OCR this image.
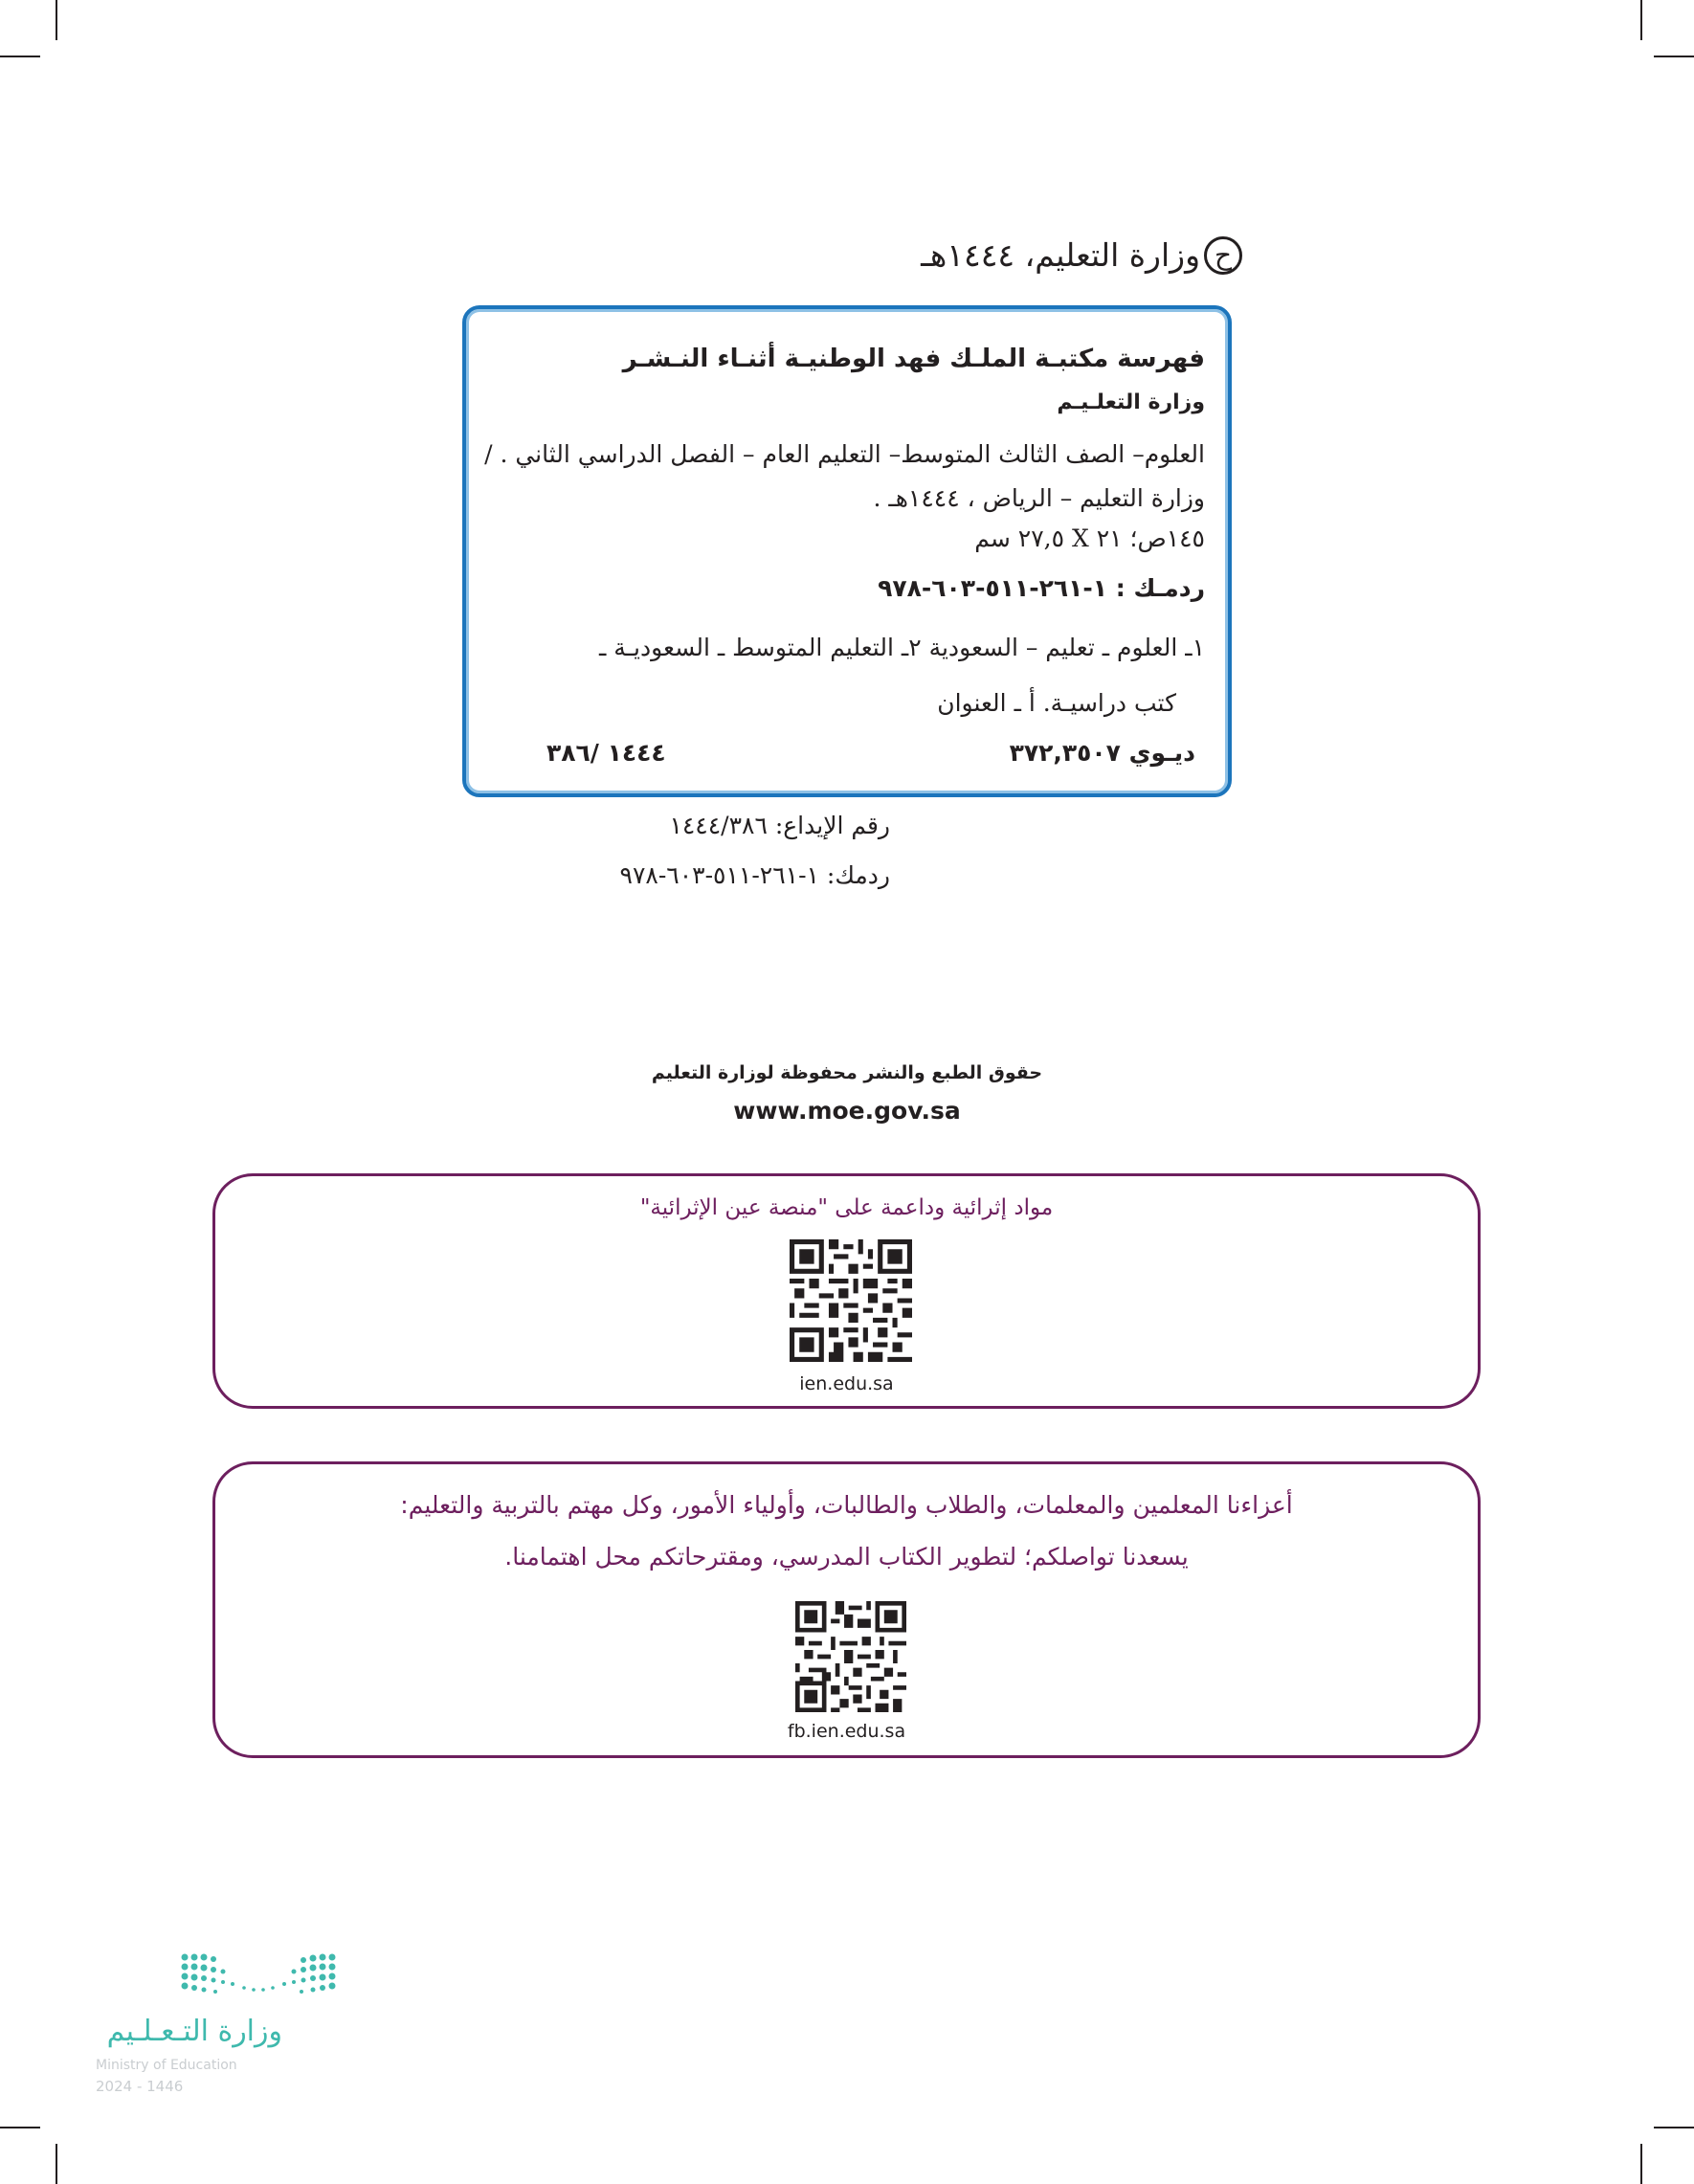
ح
وزارة التعليم، ١٤٤٤هـ
فهرسة مكتبـة الملـك فهد الوطنيـة أثنـاء النـشـر
وزارة التعلـيـم
العلوم– الصف الثالث المتوسط– التعليم العام – الفصل الدراسي الثاني . /
وزارة التعليم – الرياض ، ١٤٤٤هـ .
١٤٥ص؛ ٢١ X ٢٧,٥ سم
ردمـك : ١-٢٦١-٥١١-٦٠٣-٩٧٨
١ـ العلوم ـ تعليم – السعودية ٢ـ التعليم المتوسط ـ السعوديـة ـ
كتب دراسيـة. أ ـ العنوان
ديـوي ٣٧٢,٣٥٠٧
١٤٤٤ /٣٨٦
رقم الإيداع: ١٤٤٤/٣٨٦
ردمك: ١-٢٦١-٥١١-٦٠٣-٩٧٨
حقوق الطبع والنشر محفوظة لوزارة التعليم
www.moe.gov.sa
مواد إثرائية وداعمة على "منصة عين الإثرائية"
ien.edu.sa
أعزاءنا المعلمين والمعلمات، والطلاب والطالبات، وأولياء الأمور، وكل مهتم بالتربية والتعليم:
يسعدنا تواصلكم؛ لتطوير الكتاب المدرسي، ومقترحاتكم محل اهتمامنا.
fb.ien.edu.sa
وزارة التـعـلـيم
Ministry of Education
2024 - 1446
